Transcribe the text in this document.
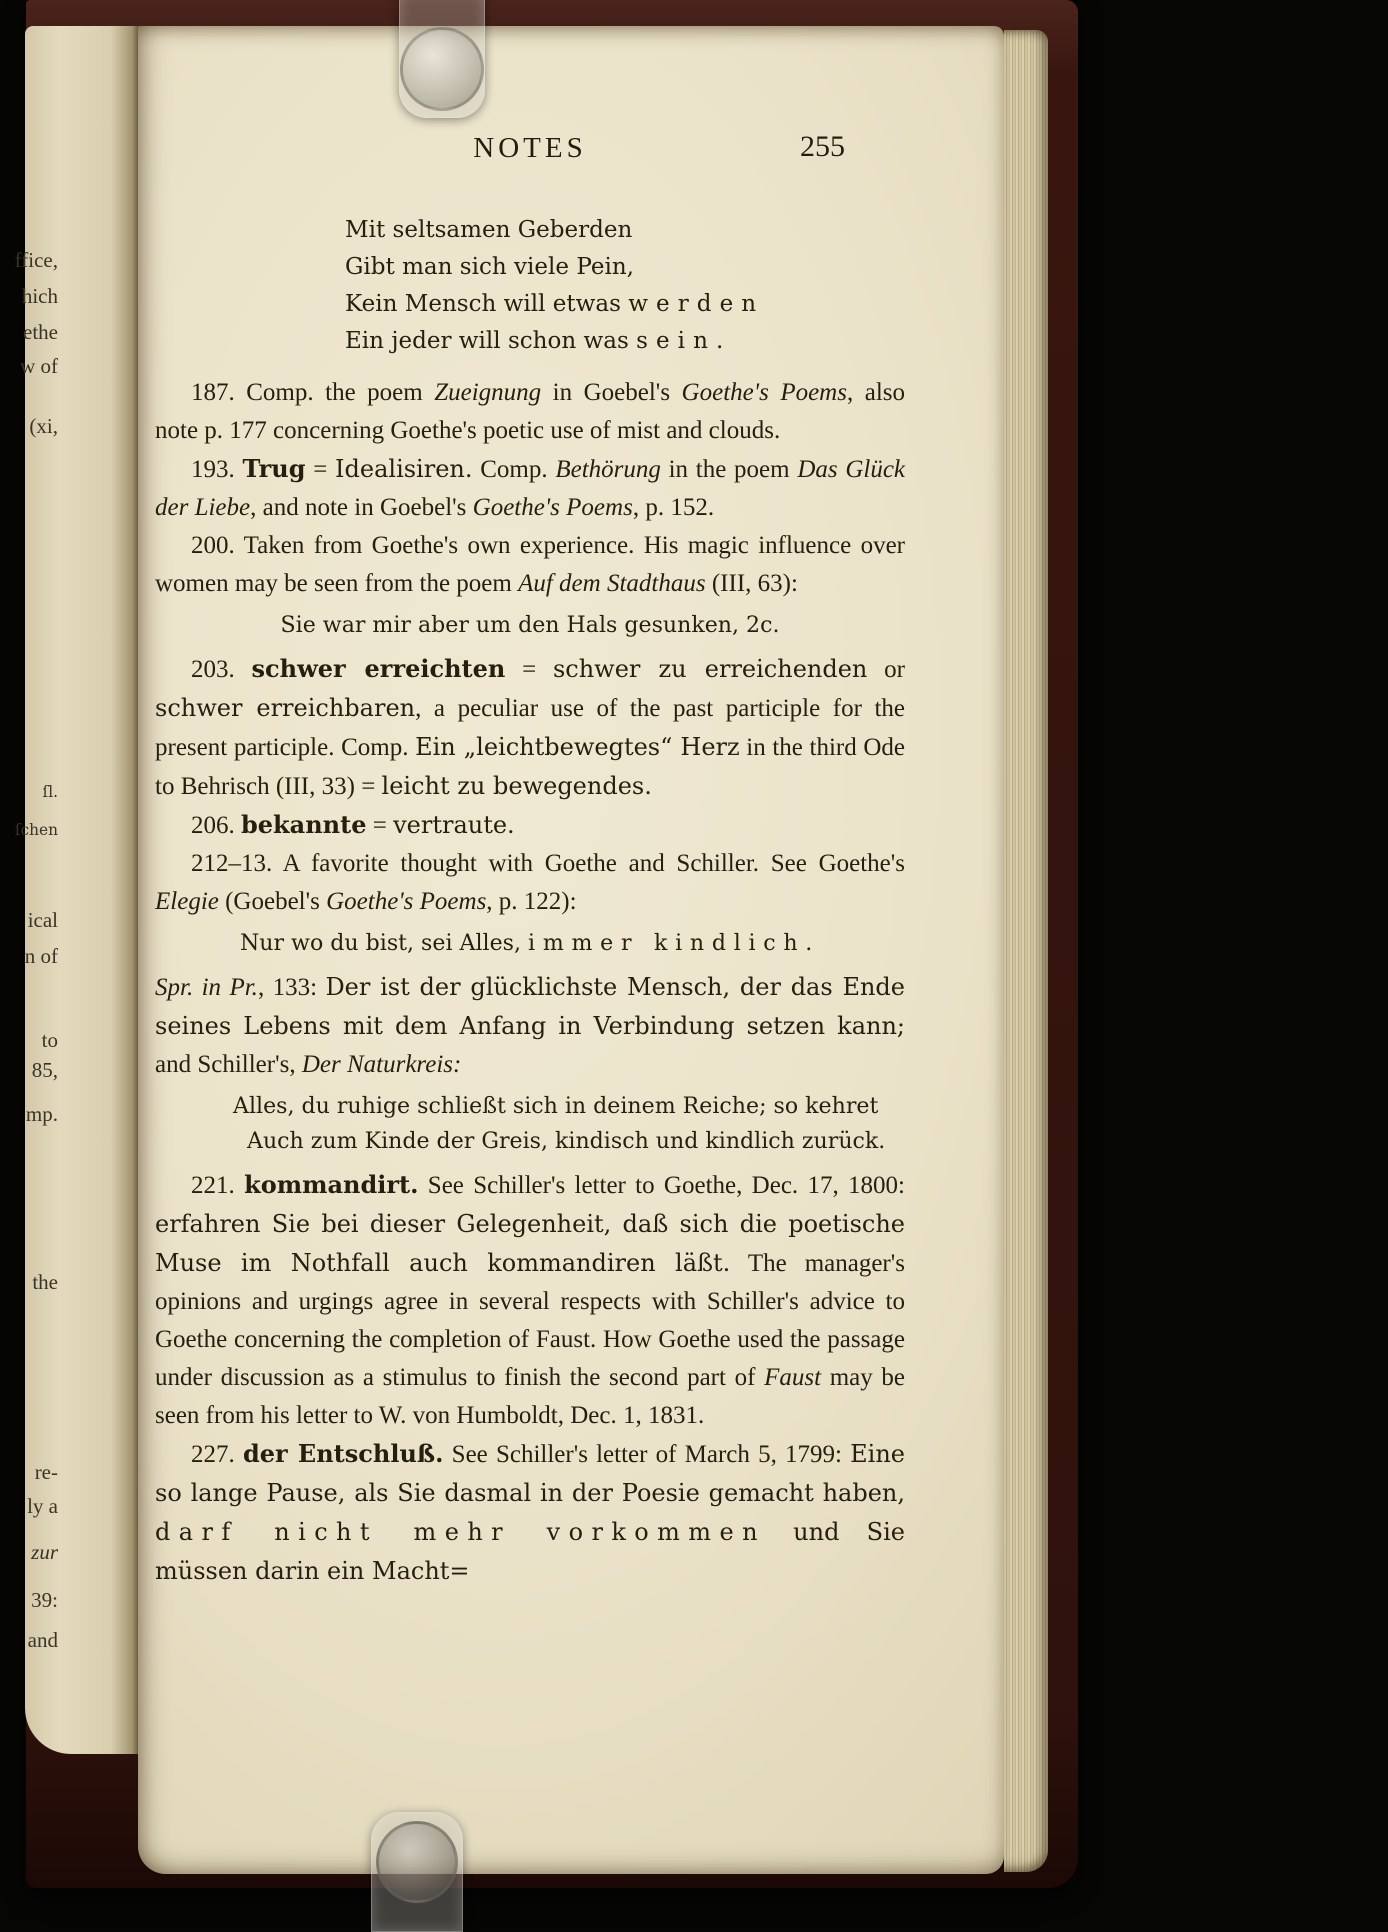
ffice,
hich
ethe
w of
(xi,
ſl.
ſchen
ical
n of
to
85,
mp.
the
re-
ly a
zur
39:
and
NOTES	255
Mit seltsamen Geberden
Gibt man sich viele Pein,
Kein Mensch will etwas werden
Ein jeder will schon was sein.

187. Comp. the poem Zueignung in Goebel's Goethe's Poems, also note p. 177 concerning Goethe's poetic use of mist and clouds.

193. Trug = Idealisiren. Comp. Bethörung in the poem Das Glück der Liebe, and note in Goebel's Goethe's Poems, p. 152.

200. Taken from Goethe's own experience. His magic influence over women may be seen from the poem Auf dem Stadthaus (III, 63):

Sie war mir aber um den Hals gesunken, 2c.

203. schwer erreichten = schwer zu erreichenden or schwer erreichbaren, a peculiar use of the past participle for the present participle. Comp. Ein „leichtbewegtes“ Herz in the third Ode to Behrisch (III, 33) = leicht zu bewegendes.

206. bekannte = vertraute.

212–13. A favorite thought with Goethe and Schiller. See Goethe's Elegie (Goebel's Goethe's Poems, p. 122):

Nur wo du bist, sei Alles, immer kindlich.

Spr. in Pr., 133: Der ist der glücklichste Mensch, der das Ende seines Lebens mit dem Anfang in Verbindung setzen kann; and Schiller's, Der Naturkreis:

Alles, du ruhige schließt sich in deinem Reiche; so kehret
Auch zum Kinde der Greis, kindisch und kindlich zurück.

221. kommandirt. See Schiller's letter to Goethe, Dec. 17, 1800: erfahren Sie bei dieser Gelegenheit, daß sich die poetische Muse im Nothfall auch kommandiren läßt. The manager's opinions and urgings agree in several respects with Schiller's advice to Goethe concerning the completion of Faust. How Goethe used the passage under discussion as a stimulus to finish the second part of Faust may be seen from his letter to W. von Humboldt, Dec. 1, 1831.

227. der Entschluß. See Schiller's letter of March 5, 1799: Eine so lange Pause, als Sie dasmal in der Poesie gemacht haben, darf nicht mehr vorkommen und Sie müssen darin ein Macht=
